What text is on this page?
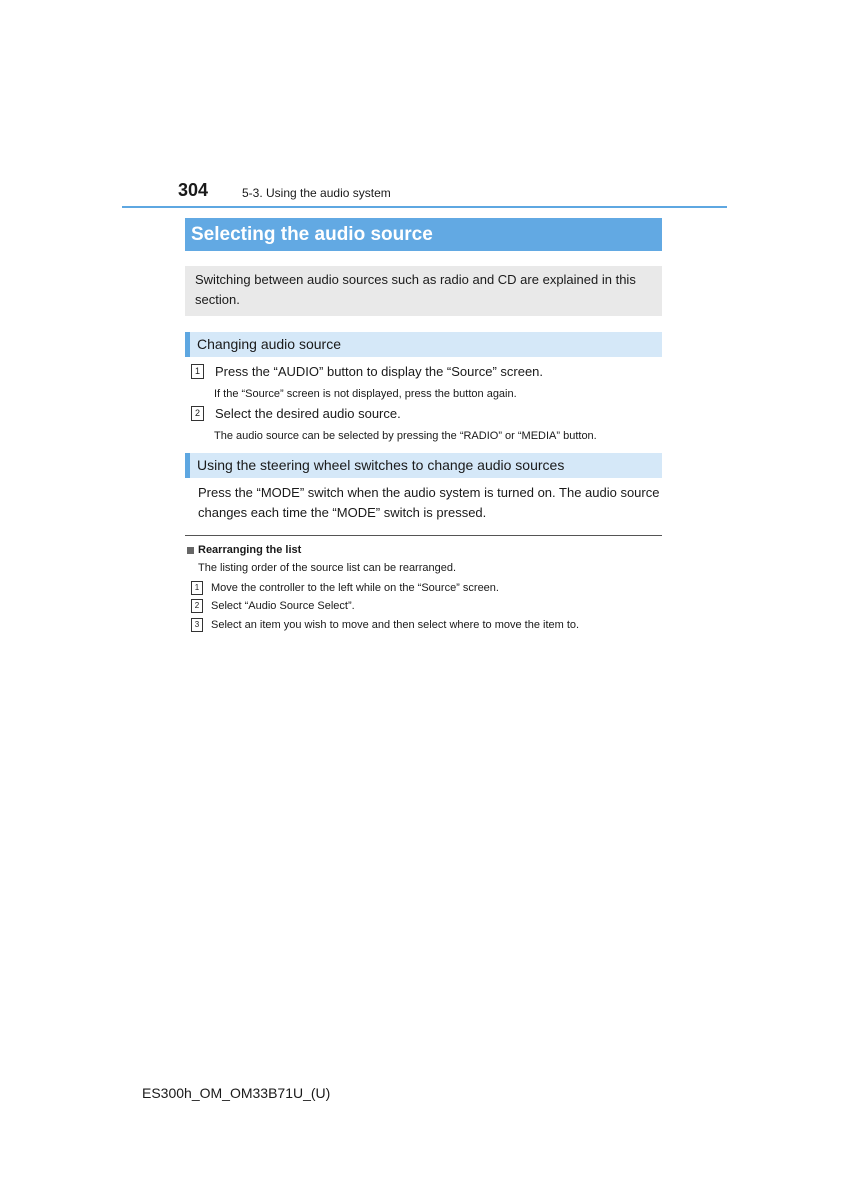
304	5-3. Using the audio system
Selecting the audio source
Switching between audio sources such as radio and CD are explained in this section.
Changing audio source
1	Press the “AUDIO” button to display the “Source” screen.
If the “Source” screen is not displayed, press the button again.
2	Select the desired audio source.
The audio source can be selected by pressing the “RADIO” or “MEDIA” button.
Using the steering wheel switches to change audio sources
Press the “MODE” switch when the audio system is turned on. The audio source changes each time the “MODE” switch is pressed.
Rearranging the list
The listing order of the source list can be rearranged.
1	Move the controller to the left while on the “Source” screen.
2	Select “Audio Source Select”.
3	Select an item you wish to move and then select where to move the item to.
ES300h_OM_OM33B71U_(U)
